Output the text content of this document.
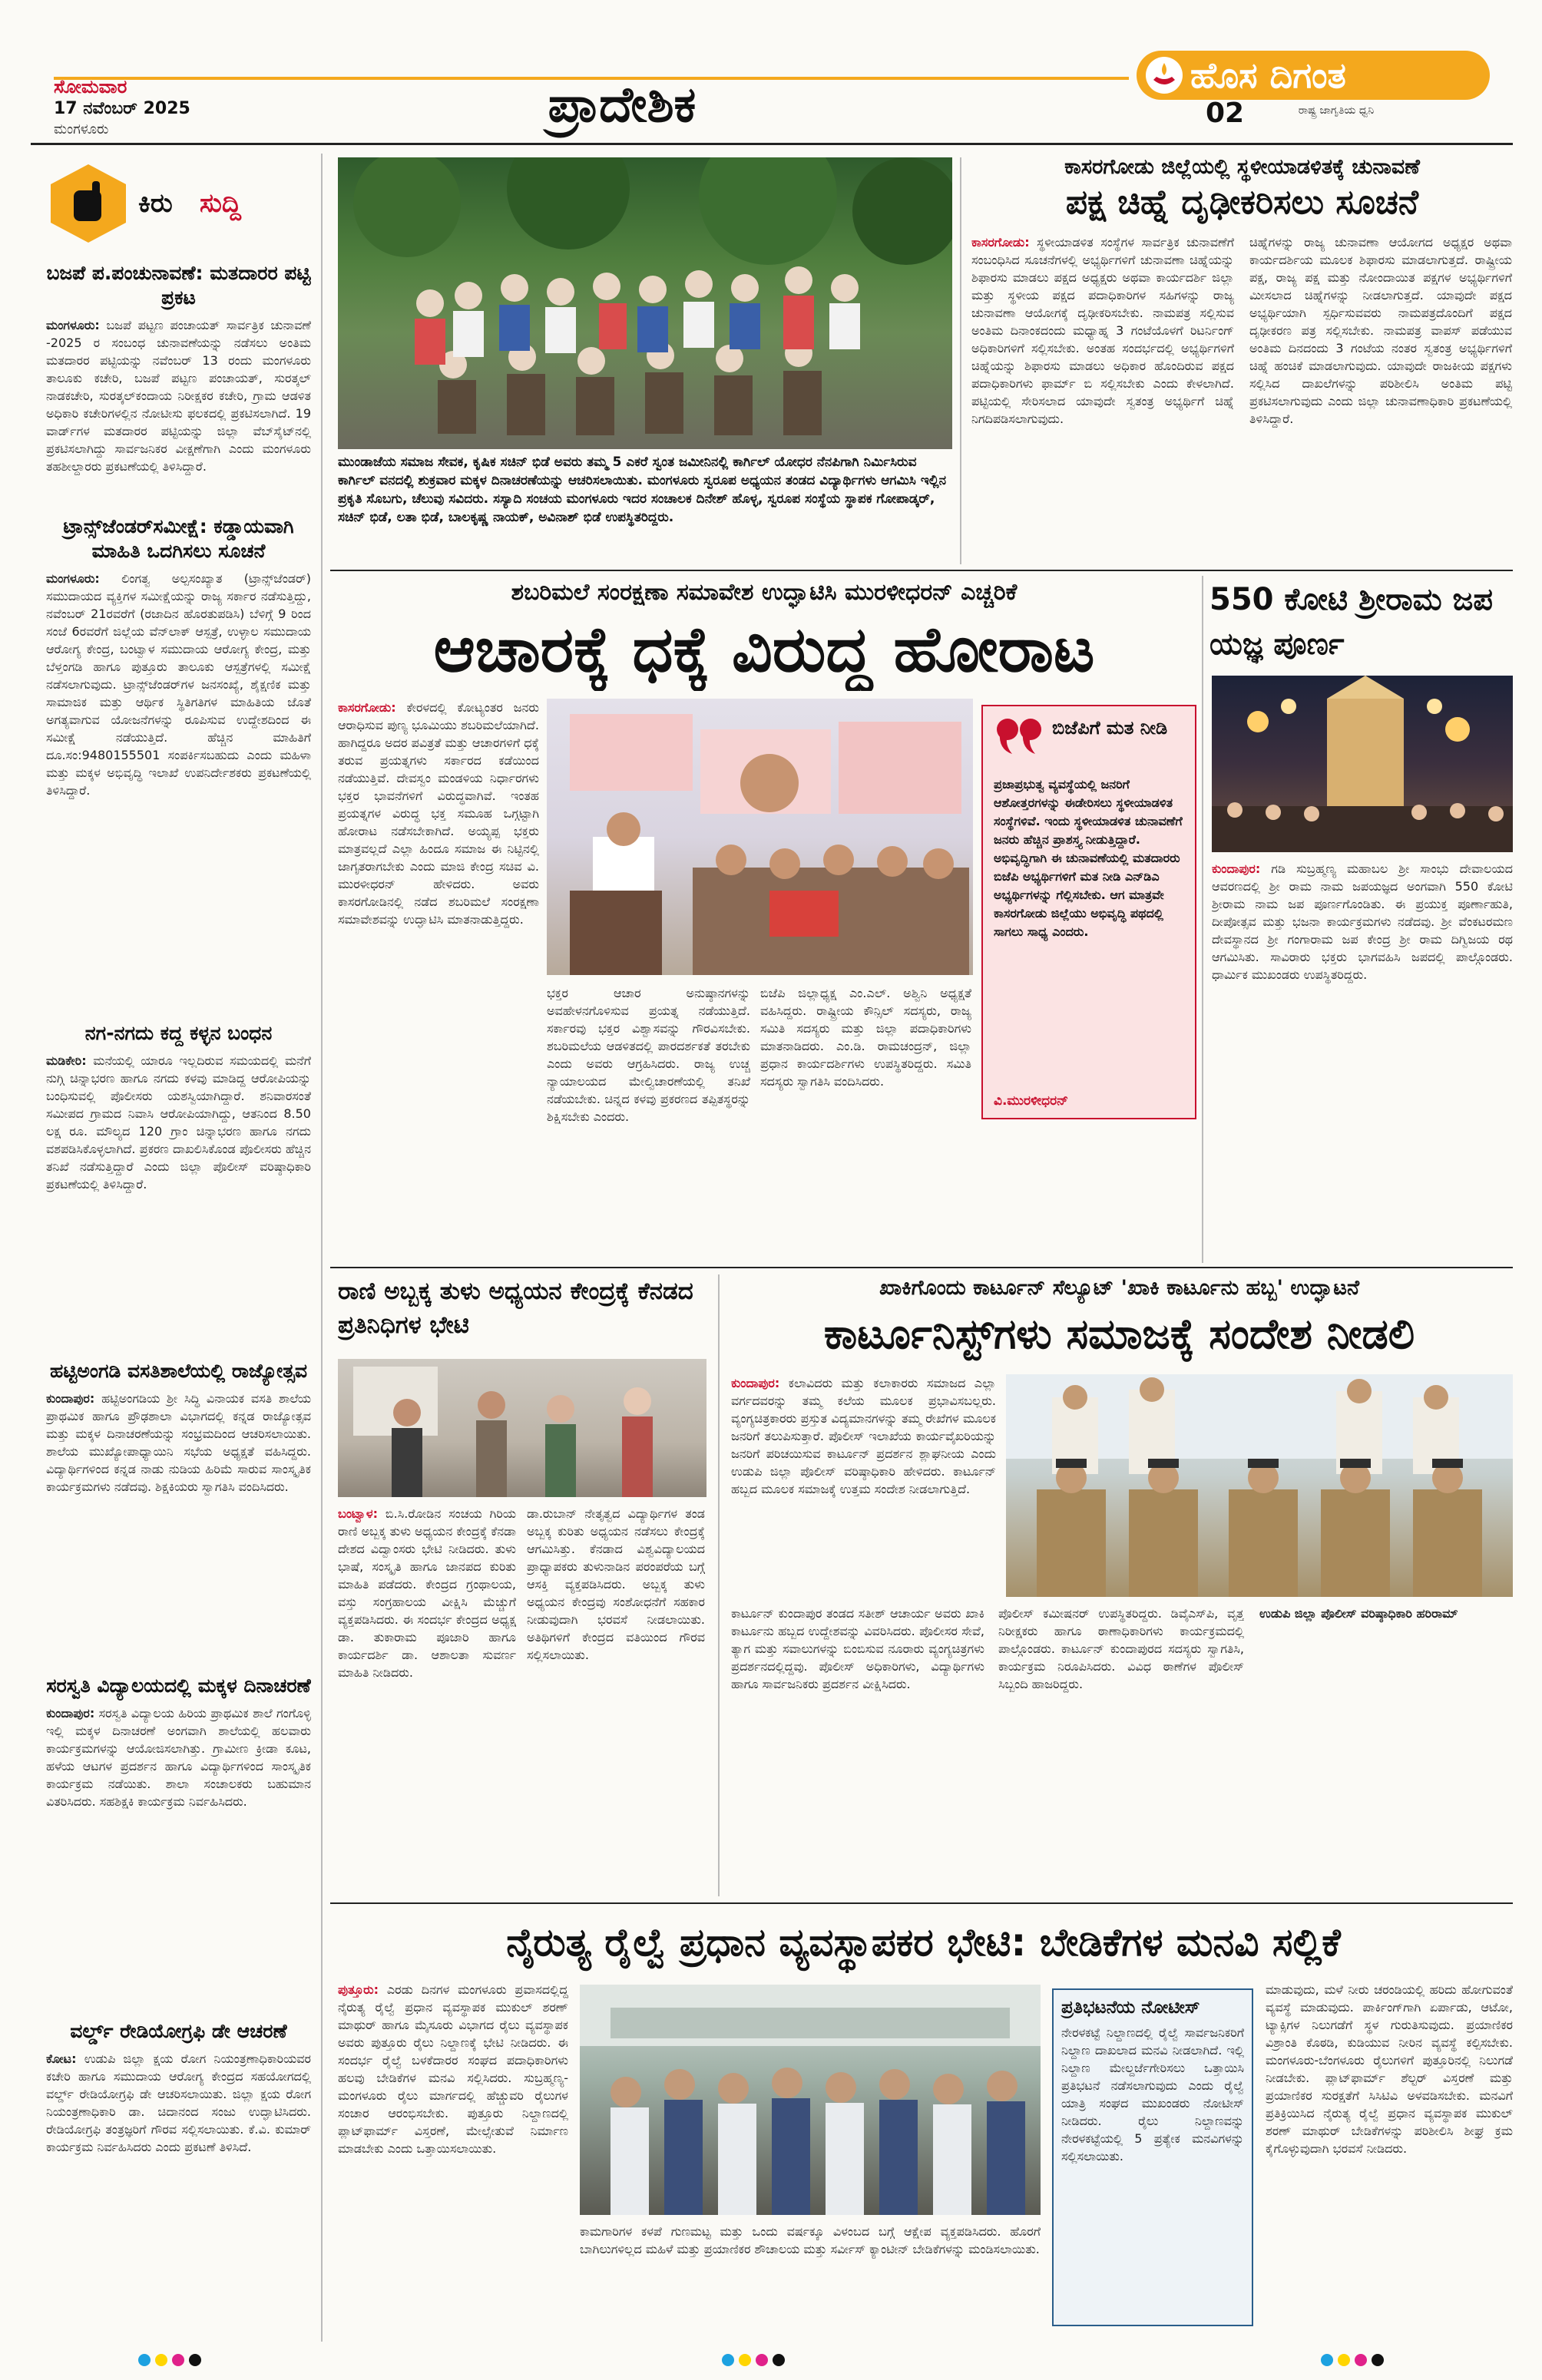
ಸೋಮವಾರ
17 ನವೆಂಬರ್ 2025
ಮಂಗಳೂರು	ಪ್ರಾದೇಶಿಕ
ಹೊಸ ದಿಗಂತ
ರಾಷ್ಟ್ರ ಜಾಗೃತಿಯ ಧ್ವನಿ
02
ಕಿರು	ಸುದ್ದಿ
ಬಜಪೆ ಪ.ಪಂಚುನಾವಣೆ: ಮತದಾರರ ಪಟ್ಟಿ ಪ್ರಕಟ
ಮಂಗಳೂರು: ಬಜಪೆ ಪಟ್ಟಣ ಪಂಚಾಯತ್ ಸಾರ್ವತ್ರಿಕ ಚುನಾವಣೆ -2025 ರ ಸಂಬಂಧ ಚುನಾವಣೆಯನ್ನು ನಡೆಸಲು ಅಂತಿಮ ಮತದಾರರ ಪಟ್ಟಿಯನ್ನು ನವೆಂಬರ್ 13 ರಂದು ಮಂಗಳೂರು ತಾಲೂಕು ಕಚೇರಿ, ಬಜಪೆ ಪಟ್ಟಣ ಪಂಚಾಯತ್, ಸುರತ್ಕಲ್ ನಾಡಕಚೇರಿ, ಸುರತ್ಕಲ್‌ಕಂದಾಯ ನಿರೀಕ್ಷಕರ ಕಚೇರಿ, ಗ್ರಾಮ ಆಡಳಿತ ಅಧಿಕಾರಿ ಕಚೇರಿಗಳಲ್ಲಿನ ನೋಟೀಸು ಫಲಕದಲ್ಲಿ ಪ್ರಕಟಿಸಲಾಗಿದೆ. 19 ವಾರ್ಡ್‌ಗಳ ಮತದಾರರ ಪಟ್ಟಿಯನ್ನು ಜಿಲ್ಲಾ ವೆಬ್‌ಸೈಟ್‌ನಲ್ಲಿ ಪ್ರಕಟಿಸಲಾಗಿದ್ದು ಸಾರ್ವಜನಿಕರ ವೀಕ್ಷಣೆಗಾಗಿ ಎಂದು ಮಂಗಳೂರು ತಹಶೀಲ್ದಾರರು ಪ್ರಕಟಣೆಯಲ್ಲಿ ತಿಳಿಸಿದ್ದಾರೆ.
ಟ್ರಾನ್ಸ್‌ಜೆಂಡರ್‌ಸಮೀಕ್ಷೆ: ಕಡ್ಡಾಯವಾಗಿ ಮಾಹಿತಿ ಒದಗಿಸಲು ಸೂಚನೆ
ಮಂಗಳೂರು: ಲಿಂಗತ್ವ ಅಲ್ಪಸಂಖ್ಯಾತ (ಟ್ರಾನ್ಸ್‌ಜೆಂಡರ್) ಸಮುದಾಯದ ವ್ಯಕ್ತಿಗಳ ಸಮೀಕ್ಷೆಯನ್ನು ರಾಜ್ಯ ಸರ್ಕಾರ ನಡೆಸುತ್ತಿದ್ದು, ನವೆಂಬರ್ 21ರವರೆಗೆ (ರಜಾದಿನ ಹೊರತುಪಡಿಸಿ) ಬೆಳಿಗ್ಗೆ 9 ರಿಂದ ಸಂಜೆ 6ರವರೆಗೆ ಜಿಲ್ಲೆಯ ವೆನ್‌ಲಾಕ್ ಆಸ್ಪತ್ರೆ, ಉಳ್ಳಾಲ ಸಮುದಾಯ ಆರೋಗ್ಯ ಕೇಂದ್ರ, ಬಂಟ್ವಾಳ ಸಮುದಾಯ ಆರೋಗ್ಯ ಕೇಂದ್ರ, ಮತ್ತು ಬೆಳ್ತಂಗಡಿ ಹಾಗೂ ಪುತ್ತೂರು ತಾಲೂಕು ಆಸ್ಪತ್ರೆಗಳಲ್ಲಿ ಸಮೀಕ್ಷೆ ನಡೆಸಲಾಗುವುದು. ಟ್ರಾನ್ಸ್‌ಜೆಂಡರ್‌ಗಳ ಜನಸಂಖ್ಯೆ, ಶೈಕ್ಷಣಿಕ ಮತ್ತು ಸಾಮಾಜಿಕ ಮತ್ತು ಆರ್ಥಿಕ ಸ್ಥಿತಿಗತಿಗಳ ಮಾಹಿತಿಯ ಜೊತೆ ಅಗತ್ಯವಾಗುವ ಯೋಜನೆಗಳನ್ನು ರೂಪಿಸುವ ಉದ್ದೇಶದಿಂದ ಈ ಸಮೀಕ್ಷೆ ನಡೆಯುತ್ತಿದೆ. ಹೆಚ್ಚಿನ ಮಾಹಿತಿಗೆ ದೂ.ಸಂ:9480155501 ಸಂಪರ್ಕಿಸಬಹುದು ಎಂದು ಮಹಿಳಾ ಮತ್ತು ಮಕ್ಕಳ ಅಭಿವೃದ್ಧಿ ಇಲಾಖೆ ಉಪನಿರ್ದೇಶಕರು ಪ್ರಕಟಣೆಯಲ್ಲಿ ತಿಳಿಸಿದ್ದಾರೆ.
ನಗ-ನಗದು ಕದ್ದ ಕಳ್ಳನ ಬಂಧನ
ಮಡಿಕೇರಿ: ಮನೆಯಲ್ಲಿ ಯಾರೂ ಇಲ್ಲದಿರುವ ಸಮಯದಲ್ಲಿ ಮನೆಗೆ ನುಗ್ಗಿ ಚಿನ್ನಾಭರಣ ಹಾಗೂ ನಗದು ಕಳವು ಮಾಡಿದ್ದ ಆರೋಪಿಯನ್ನು ಬಂಧಿಸುವಲ್ಲಿ ಪೊಲೀಸರು ಯಶಸ್ವಿಯಾಗಿದ್ದಾರೆ. ಶನಿವಾರಸಂತೆ ಸಮೀಪದ ಗ್ರಾಮದ ನಿವಾಸಿ ಆರೋಪಿಯಾಗಿದ್ದು, ಆತನಿಂದ 8.50 ಲಕ್ಷ ರೂ. ಮೌಲ್ಯದ 120 ಗ್ರಾಂ ಚಿನ್ನಾಭರಣ ಹಾಗೂ ನಗದು ವಶಪಡಿಸಿಕೊಳ್ಳಲಾಗಿದೆ. ಪ್ರಕರಣ ದಾಖಲಿಸಿಕೊಂಡ ಪೊಲೀಸರು ಹೆಚ್ಚಿನ ತನಿಖೆ ನಡೆಸುತ್ತಿದ್ದಾರೆ ಎಂದು ಜಿಲ್ಲಾ ಪೊಲೀಸ್ ವರಿಷ್ಠಾಧಿಕಾರಿ ಪ್ರಕಟಣೆಯಲ್ಲಿ ತಿಳಿಸಿದ್ದಾರೆ.
ಹಟ್ಟಿಅಂಗಡಿ ವಸತಿಶಾಲೆಯಲ್ಲಿ ರಾಜ್ಯೋತ್ಸವ
ಕುಂದಾಪುರ: ಹಟ್ಟಿಅಂಗಡಿಯ ಶ್ರೀ ಸಿದ್ಧಿ ವಿನಾಯಕ ವಸತಿ ಶಾಲೆಯ ಪ್ರಾಥಮಿಕ ಹಾಗೂ ಪ್ರೌಢಶಾಲಾ ವಿಭಾಗದಲ್ಲಿ ಕನ್ನಡ ರಾಜ್ಯೋತ್ಸವ ಮತ್ತು ಮಕ್ಕಳ ದಿನಾಚರಣೆಯನ್ನು ಸಂಭ್ರಮದಿಂದ ಆಚರಿಸಲಾಯಿತು. ಶಾಲೆಯ ಮುಖ್ಯೋಪಾಧ್ಯಾಯಿನಿ ಸಭೆಯ ಅಧ್ಯಕ್ಷತೆ ವಹಿಸಿದ್ದರು. ವಿದ್ಯಾರ್ಥಿಗಳಿಂದ ಕನ್ನಡ ನಾಡು ನುಡಿಯ ಹಿರಿಮೆ ಸಾರುವ ಸಾಂಸ್ಕೃತಿಕ ಕಾರ್ಯಕ್ರಮಗಳು ನಡೆದವು. ಶಿಕ್ಷಕಿಯರು ಸ್ವಾಗತಿಸಿ ವಂದಿಸಿದರು.
ಸರಸ್ವತಿ ವಿದ್ಯಾಲಯದಲ್ಲಿ ಮಕ್ಕಳ ದಿನಾಚರಣೆ
ಕುಂದಾಪುರ: ಸರಸ್ವತಿ ವಿದ್ಯಾಲಯ ಹಿರಿಯ ಪ್ರಾಥಮಿಕ ಶಾಲೆ ಗಂಗೊಳ್ಳಿ ಇಲ್ಲಿ ಮಕ್ಕಳ ದಿನಾಚರಣೆ ಅಂಗವಾಗಿ ಶಾಲೆಯಲ್ಲಿ ಹಲವಾರು ಕಾರ್ಯಕ್ರಮಗಳನ್ನು ಆಯೋಜಿಸಲಾಗಿತ್ತು. ಗ್ರಾಮೀಣ ಕ್ರೀಡಾ ಕೂಟ, ಹಳೆಯ ಆಟಗಳ ಪ್ರದರ್ಶನ ಹಾಗೂ ವಿದ್ಯಾರ್ಥಿಗಳಿಂದ ಸಾಂಸ್ಕೃತಿಕ ಕಾರ್ಯಕ್ರಮ ನಡೆಯಿತು. ಶಾಲಾ ಸಂಚಾಲಕರು ಬಹುಮಾನ ವಿತರಿಸಿದರು. ಸಹಶಿಕ್ಷಕಿ ಕಾರ್ಯಕ್ರಮ ನಿರ್ವಹಿಸಿದರು.
ವರ್ಲ್ಡ್ ರೇಡಿಯೋಗ್ರಫಿ ಡೇ ಆಚರಣೆ
ಕೋಟ: ಉಡುಪಿ ಜಿಲ್ಲಾ ಕ್ಷಯ ರೋಗ ನಿಯಂತ್ರಣಾಧಿಕಾರಿಯವರ ಕಚೇರಿ ಹಾಗೂ ಸಮುದಾಯ ಆರೋಗ್ಯ ಕೇಂದ್ರದ ಸಹಯೋಗದಲ್ಲಿ ವರ್ಲ್ಡ್ ರೇಡಿಯೋಗ್ರಫಿ ಡೇ ಆಚರಿಸಲಾಯಿತು. ಜಿಲ್ಲಾ ಕ್ಷಯ ರೋಗ ನಿಯಂತ್ರಣಾಧಿಕಾರಿ ಡಾ. ಚಿದಾನಂದ ಸಂಜು ಉದ್ಘಾಟಿಸಿದರು. ರೇಡಿಯೋಗ್ರಫಿ ತಂತ್ರಜ್ಞರಿಗೆ ಗೌರವ ಸಲ್ಲಿಸಲಾಯಿತು. ಕೆ.ವಿ. ಕುಮಾರ್ ಕಾರ್ಯಕ್ರಮ ನಿರ್ವಹಿಸಿದರು ಎಂದು ಪ್ರಕಟಣೆ ತಿಳಿಸಿದೆ.
ಮುಂಡಾಜೆಯ ಸಮಾಜ ಸೇವಕ, ಕೃಷಿಕ ಸಚಿನ್ ಭಿಡೆ ಅವರು ತಮ್ಮ 5 ಎಕರೆ ಸ್ವಂತ ಜಮೀನಿನಲ್ಲಿ ಕಾರ್ಗಿಲ್ ಯೋಧರ ನೆನಪಿಗಾಗಿ ನಿರ್ಮಿಸಿರುವ ಕಾರ್ಗಿಲ್ ವನದಲ್ಲಿ ಶುಕ್ರವಾರ ಮಕ್ಕಳ ದಿನಾಚರಣೆಯನ್ನು ಆಚರಿಸಲಾಯಿತು. ಮಂಗಳೂರು ಸ್ವರೂಪ ಅಧ್ಯಯನ ತಂಡದ ವಿದ್ಯಾರ್ಥಿಗಳು ಆಗಮಿಸಿ ಇಲ್ಲಿನ ಪ್ರಕೃತಿ ಸೊಬಗು, ಚೆಲುವು ಸವಿದರು. ಸಸ್ಯಾದಿ ಸಂಚಯ ಮಂಗಳೂರು ಇದರ ಸಂಚಾಲಕ ದಿನೇಶ್ ಹೊಳ್ಳ, ಸ್ವರೂಪ ಸಂಸ್ಥೆಯ ಸ್ಥಾಪಕ ಗೋಪಾಡ್ಕರ್, ಸಚಿನ್ ಭಿಡೆ, ಲತಾ ಭಿಡೆ, ಬಾಲಕೃಷ್ಣ ನಾಯಕ್, ಅವಿನಾಶ್ ಭಿಡೆ ಉಪಸ್ಥಿತರಿದ್ದರು.
ಕಾಸರಗೋಡು ಜಿಲ್ಲೆಯಲ್ಲಿ ಸ್ಥಳೀಯಾಡಳಿತಕ್ಕೆ ಚುನಾವಣೆ
ಪಕ್ಷ ಚಿಹ್ನೆ ದೃಢೀಕರಿಸಲು ಸೂಚನೆ
ಕಾಸರಗೋಡು: ಸ್ಥಳೀಯಾಡಳಿತ ಸಂಸ್ಥೆಗಳ ಸಾರ್ವತ್ರಿಕ ಚುನಾವಣೆಗೆ ಸಂಬಂಧಿಸಿದ ಸೂಚನೆಗಳಲ್ಲಿ ಅಭ್ಯರ್ಥಿಗಳಿಗೆ ಚುನಾವಣಾ ಚಿಹ್ನೆಯನ್ನು ಶಿಫಾರಸು ಮಾಡಲು ಪಕ್ಷದ ಅಧ್ಯಕ್ಷರು ಅಥವಾ ಕಾರ್ಯದರ್ಶಿ ಜಿಲ್ಲಾ ಮತ್ತು ಸ್ಥಳೀಯ ಪಕ್ಷದ ಪದಾಧಿಕಾರಿಗಳ ಸಹಿಗಳನ್ನು ರಾಜ್ಯ ಚುನಾವಣಾ ಆಯೋಗಕ್ಕೆ ದೃಢೀಕರಿಸಬೇಕು. ನಾಮಪತ್ರ ಸಲ್ಲಿಸುವ ಅಂತಿಮ ದಿನಾಂಕದಂದು ಮಧ್ಯಾಹ್ನ 3 ಗಂಟೆಯೊಳಗೆ ರಿಟರ್ನಿಂಗ್ ಅಧಿಕಾರಿಗಳಿಗೆ ಸಲ್ಲಿಸಬೇಕು. ಅಂತಹ ಸಂದರ್ಭದಲ್ಲಿ ಅಭ್ಯರ್ಥಿಗಳಿಗೆ ಚಿಹ್ನೆಯನ್ನು ಶಿಫಾರಸು ಮಾಡಲು ಅಧಿಕಾರ ಹೊಂದಿರುವ ಪಕ್ಷದ ಪದಾಧಿಕಾರಿಗಳು ಫಾರ್ಮ್ ಬಿ ಸಲ್ಲಿಸಬೇಕು ಎಂದು ಕೇಳಲಾಗಿದೆ. ಪಟ್ಟಿಯಲ್ಲಿ ಸೇರಿಸಲಾದ ಯಾವುದೇ ಸ್ವತಂತ್ರ ಅಭ್ಯರ್ಥಿಗೆ ಚಿಹ್ನೆ ನಿಗದಿಪಡಿಸಲಾಗುವುದು.
ಚಿಹ್ನೆಗಳನ್ನು ರಾಜ್ಯ ಚುನಾವಣಾ ಆಯೋಗದ ಅಧ್ಯಕ್ಷರ ಅಥವಾ ಕಾರ್ಯದರ್ಶಿಯ ಮೂಲಕ ಶಿಫಾರಸು ಮಾಡಲಾಗುತ್ತದೆ. ರಾಷ್ಟ್ರೀಯ ಪಕ್ಷ, ರಾಜ್ಯ ಪಕ್ಷ ಮತ್ತು ನೋಂದಾಯಿತ ಪಕ್ಷಗಳ ಅಭ್ಯರ್ಥಿಗಳಿಗೆ ಮೀಸಲಾದ ಚಿಹ್ನೆಗಳನ್ನು ನೀಡಲಾಗುತ್ತದೆ. ಯಾವುದೇ ಪಕ್ಷದ ಅಭ್ಯರ್ಥಿಯಾಗಿ ಸ್ಪರ್ಧಿಸುವವರು ನಾಮಪತ್ರದೊಂದಿಗೆ ಪಕ್ಷದ ದೃಢೀಕರಣ ಪತ್ರ ಸಲ್ಲಿಸಬೇಕು. ನಾಮಪತ್ರ ವಾಪಸ್ ಪಡೆಯುವ ಅಂತಿಮ ದಿನದಂದು 3 ಗಂಟೆಯ ನಂತರ ಸ್ವತಂತ್ರ ಅಭ್ಯರ್ಥಿಗಳಿಗೆ ಚಿಹ್ನೆ ಹಂಚಿಕೆ ಮಾಡಲಾಗುವುದು. ಯಾವುದೇ ರಾಜಕೀಯ ಪಕ್ಷಗಳು ಸಲ್ಲಿಸಿದ ದಾಖಲೆಗಳನ್ನು ಪರಿಶೀಲಿಸಿ ಅಂತಿಮ ಪಟ್ಟಿ ಪ್ರಕಟಿಸಲಾಗುವುದು ಎಂದು ಜಿಲ್ಲಾ ಚುನಾವಣಾಧಿಕಾರಿ ಪ್ರಕಟಣೆಯಲ್ಲಿ ತಿಳಿಸಿದ್ದಾರೆ.
ಶಬರಿಮಲೆ ಸಂರಕ್ಷಣಾ ಸಮಾವೇಶ ಉದ್ಘಾಟಿಸಿ ಮುರಳೀಧರನ್ ಎಚ್ಚರಿಕೆ
ಆಚಾರಕ್ಕೆ ಧಕ್ಕೆ ವಿರುದ್ಧ ಹೋರಾಟ
ಕಾಸರಗೋಡು: ಕೇರಳದಲ್ಲಿ ಕೋಟ್ಯಂತರ ಜನರು ಆರಾಧಿಸುವ ಪುಣ್ಯ ಭೂಮಿಯು ಶಬರಿಮಲೆಯಾಗಿದೆ. ಹಾಗಿದ್ದರೂ ಅದರ ಪವಿತ್ರತೆ ಮತ್ತು ಆಚಾರಗಳಿಗೆ ಧಕ್ಕೆ ತರುವ ಪ್ರಯತ್ನಗಳು ಸರ್ಕಾರದ ಕಡೆಯಿಂದ ನಡೆಯುತ್ತಿವೆ. ದೇವಸ್ವಂ ಮಂಡಳಿಯ ನಿರ್ಧಾರಗಳು ಭಕ್ತರ ಭಾವನೆಗಳಿಗೆ ವಿರುದ್ಧವಾಗಿವೆ. ಇಂತಹ ಪ್ರಯತ್ನಗಳ ವಿರುದ್ಧ ಭಕ್ತ ಸಮೂಹ ಒಗ್ಗಟ್ಟಾಗಿ ಹೋರಾಟ ನಡೆಸಬೇಕಾಗಿದೆ. ಅಯ್ಯಪ್ಪ ಭಕ್ತರು ಮಾತ್ರವಲ್ಲದೆ ಎಲ್ಲಾ ಹಿಂದೂ ಸಮಾಜ ಈ ನಿಟ್ಟಿನಲ್ಲಿ ಜಾಗೃತರಾಗಬೇಕು ಎಂದು ಮಾಜಿ ಕೇಂದ್ರ ಸಚಿವ ವಿ. ಮುರಳೀಧರನ್ ಹೇಳಿದರು. ಅವರು ಕಾಸರಗೋಡಿನಲ್ಲಿ ನಡೆದ ಶಬರಿಮಲೆ ಸಂರಕ್ಷಣಾ ಸಮಾವೇಶವನ್ನು ಉದ್ಘಾಟಿಸಿ ಮಾತನಾಡುತ್ತಿದ್ದರು.
ಬಿಜೆಪಿಗೆ ಮತ ನೀಡಿ
ಪ್ರಜಾಪ್ರಭುತ್ವ ವ್ಯವಸ್ಥೆಯಲ್ಲಿ ಜನರಿಗೆ ಆಶೋತ್ತರಗಳನ್ನು ಈಡೇರಿಸಲು ಸ್ಥಳೀಯಾಡಳಿತ ಸಂಸ್ಥೆಗಳಿವೆ. ಇಂದು ಸ್ಥಳೀಯಾಡಳಿತ ಚುನಾವಣೆಗೆ ಜನರು ಹೆಚ್ಚಿನ ಪ್ರಾಶಸ್ತ್ಯ ನೀಡುತ್ತಿದ್ದಾರೆ. ಅಭಿವೃದ್ಧಿಗಾಗಿ ಈ ಚುನಾವಣೆಯಲ್ಲಿ ಮತದಾರರು ಬಿಜೆಪಿ ಅಭ್ಯರ್ಥಿಗಳಿಗೆ ಮತ ನೀಡಿ ಎನ್‌ಡಿಎ ಅಭ್ಯರ್ಥಿಗಳನ್ನು ಗೆಲ್ಲಿಸಬೇಕು. ಆಗ ಮಾತ್ರವೇ ಕಾಸರಗೋಡು ಜಿಲ್ಲೆಯು ಅಭಿವೃದ್ಧಿ ಪಥದಲ್ಲಿ ಸಾಗಲು ಸಾಧ್ಯ ಎಂದರು.
ವಿ.ಮುರಳೀಧರನ್
ಭಕ್ತರ ಆಚಾರ ಅನುಷ್ಠಾನಗಳನ್ನು ಅವಹೇಳನಗೊಳಿಸುವ ಪ್ರಯತ್ನ ನಡೆಯುತ್ತಿದೆ. ಸರ್ಕಾರವು ಭಕ್ತರ ವಿಶ್ವಾಸವನ್ನು ಗೌರವಿಸಬೇಕು. ಶಬರಿಮಲೆಯ ಆಡಳಿತದಲ್ಲಿ ಪಾರದರ್ಶಕತೆ ತರಬೇಕು ಎಂದು ಅವರು ಆಗ್ರಹಿಸಿದರು. ರಾಜ್ಯ ಉಚ್ಚ ನ್ಯಾಯಾಲಯದ ಮೇಲ್ವಿಚಾರಣೆಯಲ್ಲಿ ತನಿಖೆ ನಡೆಯಬೇಕು. ಚಿನ್ನದ ಕಳವು ಪ್ರಕರಣದ ತಪ್ಪಿತಸ್ಥರನ್ನು ಶಿಕ್ಷಿಸಬೇಕು ಎಂದರು.
ಬಿಜೆಪಿ ಜಿಲ್ಲಾಧ್ಯಕ್ಷ ಎಂ.ಎಲ್. ಅಶ್ವಿನಿ ಅಧ್ಯಕ್ಷತೆ ವಹಿಸಿದ್ದರು. ರಾಷ್ಟ್ರೀಯ ಕೌನ್ಸಿಲ್ ಸದಸ್ಯರು, ರಾಜ್ಯ ಸಮಿತಿ ಸದಸ್ಯರು ಮತ್ತು ಜಿಲ್ಲಾ ಪದಾಧಿಕಾರಿಗಳು ಮಾತನಾಡಿದರು. ಎಂ.ಡಿ. ರಾಮಚಂದ್ರನ್, ಜಿಲ್ಲಾ ಪ್ರಧಾನ ಕಾರ್ಯದರ್ಶಿಗಳು ಉಪಸ್ಥಿತರಿದ್ದರು. ಸಮಿತಿ ಸದಸ್ಯರು ಸ್ವಾಗತಿಸಿ ವಂದಿಸಿದರು.
550 ಕೋಟಿ ಶ್ರೀರಾಮ ಜಪ ಯಜ್ಞ ಪೂರ್ಣ
ಕುಂದಾಪುರ: ಗಡಿ ಸುಬ್ರಹ್ಮಣ್ಯ ಮಹಾಬಲ ಶ್ರೀ ಸಾಂಭು ದೇವಾಲಯದ ಆವರಣದಲ್ಲಿ ಶ್ರೀ ರಾಮ ನಾಮ ಜಪಯಜ್ಞದ ಅಂಗವಾಗಿ 550 ಕೋಟಿ ಶ್ರೀರಾಮ ನಾಮ ಜಪ ಪೂರ್ಣಗೊಂಡಿತು. ಈ ಪ್ರಯುಕ್ತ ಪೂರ್ಣಾಹುತಿ, ದೀಪೋತ್ಸವ ಮತ್ತು ಭಜನಾ ಕಾರ್ಯಕ್ರಮಗಳು ನಡೆದವು. ಶ್ರೀ ವೆಂಕಟರಮಣ ದೇವಸ್ಥಾನದ ಶ್ರೀ ಗಂಗಾರಾಮ ಜಪ ಕೇಂದ್ರ ಶ್ರೀ ರಾಮ ದಿಗ್ವಿಜಯ ರಥ ಆಗಮಿಸಿತು. ಸಾವಿರಾರು ಭಕ್ತರು ಭಾಗವಹಿಸಿ ಜಪದಲ್ಲಿ ಪಾಲ್ಗೊಂಡರು. ಧಾರ್ಮಿಕ ಮುಖಂಡರು ಉಪಸ್ಥಿತರಿದ್ದರು.
ರಾಣಿ ಅಬ್ಬಕ್ಕ ತುಳು ಅಧ್ಯಯನ ಕೇಂದ್ರಕ್ಕೆ ಕೆನಡದ ಪ್ರತಿನಿಧಿಗಳ ಭೇಟಿ
ಬಂಟ್ವಾಳ: ಬಿ.ಸಿ.ರೋಡಿನ ಸಂಚಯ ಗಿರಿಯ ರಾಣಿ ಅಬ್ಬಕ್ಕ ತುಳು ಅಧ್ಯಯನ ಕೇಂದ್ರಕ್ಕೆ ಕೆನಡಾ ದೇಶದ ವಿದ್ವಾಂಸರು ಭೇಟಿ ನೀಡಿದರು. ತುಳು ಭಾಷೆ, ಸಂಸ್ಕೃತಿ ಹಾಗೂ ಜಾನಪದ ಕುರಿತು ಮಾಹಿತಿ ಪಡೆದರು. ಕೇಂದ್ರದ ಗ್ರಂಥಾಲಯ, ವಸ್ತು ಸಂಗ್ರಹಾಲಯ ವೀಕ್ಷಿಸಿ ಮೆಚ್ಚುಗೆ ವ್ಯಕ್ತಪಡಿಸಿದರು. ಈ ಸಂದರ್ಭ ಕೇಂದ್ರದ ಅಧ್ಯಕ್ಷ ಡಾ. ತುಕಾರಾಮ ಪೂಜಾರಿ ಹಾಗೂ ಕಾರ್ಯದರ್ಶಿ ಡಾ. ಆಶಾಲತಾ ಸುವರ್ಣ ಮಾಹಿತಿ ನೀಡಿದರು.
ಡಾ.ರುಬಾನ್ ನೇತೃತ್ವದ ವಿದ್ಯಾರ್ಥಿಗಳ ತಂಡ ಅಬ್ಬಕ್ಕ ಕುರಿತು ಅಧ್ಯಯನ ನಡೆಸಲು ಕೇಂದ್ರಕ್ಕೆ ಆಗಮಿಸಿತ್ತು. ಕೆನಡಾದ ವಿಶ್ವವಿದ್ಯಾಲಯದ ಪ್ರಾಧ್ಯಾಪಕರು ತುಳುನಾಡಿನ ಪರಂಪರೆಯ ಬಗ್ಗೆ ಆಸಕ್ತಿ ವ್ಯಕ್ತಪಡಿಸಿದರು. ಅಬ್ಬಕ್ಕ ತುಳು ಅಧ್ಯಯನ ಕೇಂದ್ರವು ಸಂಶೋಧನೆಗೆ ಸಹಕಾರ ನೀಡುವುದಾಗಿ ಭರವಸೆ ನೀಡಲಾಯಿತು. ಅತಿಥಿಗಳಿಗೆ ಕೇಂದ್ರದ ವತಿಯಿಂದ ಗೌರವ ಸಲ್ಲಿಸಲಾಯಿತು.
ಖಾಕಿಗೊಂದು ಕಾರ್ಟೂನ್ ಸೆಲ್ಯೂಟ್ 'ಖಾಕಿ ಕಾರ್ಟೂನು ಹಬ್ಬ' ಉದ್ಘಾಟನೆ
ಕಾರ್ಟೂನಿಸ್ಟ್‌ಗಳು ಸಮಾಜಕ್ಕೆ ಸಂದೇಶ ನೀಡಲಿ
ಕುಂದಾಪುರ: ಕಲಾವಿದರು ಮತ್ತು ಕಲಾಕಾರರು ಸಮಾಜದ ಎಲ್ಲಾ ವರ್ಗದವರನ್ನು ತಮ್ಮ ಕಲೆಯ ಮೂಲಕ ಪ್ರಭಾವಿಸಬಲ್ಲರು. ವ್ಯಂಗ್ಯಚಿತ್ರಕಾರರು ಪ್ರಸ್ತುತ ವಿದ್ಯಮಾನಗಳನ್ನು ತಮ್ಮ ರೇಖೆಗಳ ಮೂಲಕ ಜನರಿಗೆ ತಲುಪಿಸುತ್ತಾರೆ. ಪೊಲೀಸ್ ಇಲಾಖೆಯ ಕಾರ್ಯವೈಖರಿಯನ್ನು ಜನರಿಗೆ ಪರಿಚಯಿಸುವ ಕಾರ್ಟೂನ್ ಪ್ರದರ್ಶನ ಶ್ಲಾಘನೀಯ ಎಂದು ಉಡುಪಿ ಜಿಲ್ಲಾ ಪೊಲೀಸ್ ವರಿಷ್ಠಾಧಿಕಾರಿ ಹೇಳಿದರು. ಕಾರ್ಟೂನ್ ಹಬ್ಬದ ಮೂಲಕ ಸಮಾಜಕ್ಕೆ ಉತ್ತಮ ಸಂದೇಶ ನೀಡಲಾಗುತ್ತಿದೆ.
ಕಾರ್ಟೂನ್ ಕುಂದಾಪುರ ತಂಡದ ಸತೀಶ್ ಆಚಾರ್ಯ ಅವರು ಖಾಕಿ ಕಾರ್ಟೂನು ಹಬ್ಬದ ಉದ್ದೇಶವನ್ನು ವಿವರಿಸಿದರು. ಪೊಲೀಸರ ಸೇವೆ, ತ್ಯಾಗ ಮತ್ತು ಸವಾಲುಗಳನ್ನು ಬಿಂಬಿಸುವ ನೂರಾರು ವ್ಯಂಗ್ಯಚಿತ್ರಗಳು ಪ್ರದರ್ಶನದಲ್ಲಿದ್ದವು. ಪೊಲೀಸ್ ಅಧಿಕಾರಿಗಳು, ವಿದ್ಯಾರ್ಥಿಗಳು ಹಾಗೂ ಸಾರ್ವಜನಿಕರು ಪ್ರದರ್ಶನ ವೀಕ್ಷಿಸಿದರು.
ಪೊಲೀಸ್ ಕಮೀಷನರ್ ಉಪಸ್ಥಿತರಿದ್ದರು. ಡಿವೈಎಸ್‌ಪಿ, ವೃತ್ತ ನಿರೀಕ್ಷಕರು ಹಾಗೂ ಠಾಣಾಧಿಕಾರಿಗಳು ಕಾರ್ಯಕ್ರಮದಲ್ಲಿ ಪಾಲ್ಗೊಂಡರು. ಕಾರ್ಟೂನ್ ಕುಂದಾಪುರದ ಸದಸ್ಯರು ಸ್ವಾಗತಿಸಿ, ಕಾರ್ಯಕ್ರಮ ನಿರೂಪಿಸಿದರು. ವಿವಿಧ ಠಾಣೆಗಳ ಪೊಲೀಸ್ ಸಿಬ್ಬಂದಿ ಹಾಜರಿದ್ದರು.
ಉಡುಪಿ ಜಿಲ್ಲಾ ಪೊಲೀಸ್ ವರಿಷ್ಠಾಧಿಕಾರಿ ಹರಿರಾಮ್
ನೈರುತ್ಯ ರೈಲ್ವೆ ಪ್ರಧಾನ ವ್ಯವಸ್ಥಾಪಕರ ಭೇಟಿ: ಬೇಡಿಕೆಗಳ ಮನವಿ ಸಲ್ಲಿಕೆ
ಪುತ್ತೂರು: ಎರಡು ದಿನಗಳ ಮಂಗಳೂರು ಪ್ರವಾಸದಲ್ಲಿದ್ದ ನೈರುತ್ಯ ರೈಲ್ವೆ ಪ್ರಧಾನ ವ್ಯವಸ್ಥಾಪಕ ಮುಕುಲ್ ಶರಣ್ ಮಾಥುರ್ ಹಾಗೂ ಮೈಸೂರು ವಿಭಾಗದ ರೈಲು ವ್ಯವಸ್ಥಾಪಕ ಅವರು ಪುತ್ತೂರು ರೈಲು ನಿಲ್ದಾಣಕ್ಕೆ ಭೇಟಿ ನೀಡಿದರು. ಈ ಸಂದರ್ಭ ರೈಲ್ವೆ ಬಳಕೆದಾರರ ಸಂಘದ ಪದಾಧಿಕಾರಿಗಳು ಹಲವು ಬೇಡಿಕೆಗಳ ಮನವಿ ಸಲ್ಲಿಸಿದರು. ಸುಬ್ರಹ್ಮಣ್ಯ-ಮಂಗಳೂರು ರೈಲು ಮಾರ್ಗದಲ್ಲಿ ಹೆಚ್ಚುವರಿ ರೈಲುಗಳ ಸಂಚಾರ ಆರಂಭಿಸಬೇಕು. ಪುತ್ತೂರು ನಿಲ್ದಾಣದಲ್ಲಿ ಪ್ಲಾಟ್‌ಫಾರ್ಮ್ ವಿಸ್ತರಣೆ, ಮೇಲ್ಸೇತುವೆ ನಿರ್ಮಾಣ ಮಾಡಬೇಕು ಎಂದು ಒತ್ತಾಯಿಸಲಾಯಿತು.
ಕಾಮಗಾರಿಗಳ ಕಳಪೆ ಗುಣಮಟ್ಟ ಮತ್ತು ಒಂದು ವರ್ಷಕ್ಕೂ ವಿಳಂಬದ ಬಗ್ಗೆ ಆಕ್ಷೇಪ ವ್ಯಕ್ತಪಡಿಸಿದರು. ಹೊರಗೆ ಬಾಗಿಲುಗಳಿಲ್ಲದ ಮಹಿಳೆ ಮತ್ತು ಪ್ರಯಾಣಿಕರ ಶೌಚಾಲಯ ಮತ್ತು ಸರ್ವೀಸ್ ಕ್ಯಾಂಟೀನ್ ಬೇಡಿಕೆಗಳನ್ನು ಮಂಡಿಸಲಾಯಿತು.
ಪ್ರತಿಭಟನೆಯ ನೋಟೀಸ್
ನೇರಳಕಟ್ಟೆ ನಿಲ್ದಾಣದಲ್ಲಿ ರೈಲ್ವೆ ಸಾರ್ವಜನಿಕರಿಗೆ ನಿಲ್ದಾಣ ದಾಖಲಾದ ಮನವಿ ನೀಡಲಾಗಿದೆ. ಇಲ್ಲಿ ನಿಲ್ದಾಣ ಮೇಲ್ದರ್ಜೆಗೇರಿಸಲು ಒತ್ತಾಯಿಸಿ ಪ್ರತಿಭಟನೆ ನಡೆಸಲಾಗುವುದು ಎಂದು ರೈಲ್ವೆ ಯಾತ್ರಿ ಸಂಘದ ಮುಖಂಡರು ನೋಟೀಸ್ ನೀಡಿದರು. ರೈಲು ನಿಲ್ದಾಣವನ್ನು ನೇರಳಕಟ್ಟೆಯಲ್ಲಿ 5 ಪ್ರತ್ಯೇಕ ಮನವಿಗಳನ್ನು ಸಲ್ಲಿಸಲಾಯಿತು.
ಮಾಡುವುದು, ಮಳೆ ನೀರು ಚರಂಡಿಯಲ್ಲಿ ಹರಿದು ಹೋಗುವಂತೆ ವ್ಯವಸ್ಥೆ ಮಾಡುವುದು. ಪಾರ್ಕಿಂಗ್‌ಗಾಗಿ ಏರ್ಪಾಡು, ಆಟೋ, ಟ್ಯಾಕ್ಸಿಗಳ ನಿಲುಗಡೆಗೆ ಸ್ಥಳ ಗುರುತಿಸುವುದು. ಪ್ರಯಾಣಿಕರ ವಿಶ್ರಾಂತಿ ಕೊಠಡಿ, ಕುಡಿಯುವ ನೀರಿನ ವ್ಯವಸ್ಥೆ ಕಲ್ಪಿಸಬೇಕು. ಮಂಗಳೂರು-ಬೆಂಗಳೂರು ರೈಲುಗಳಿಗೆ ಪುತ್ತೂರಿನಲ್ಲಿ ನಿಲುಗಡೆ ನೀಡಬೇಕು. ಪ್ಲಾಟ್‌ಫಾರ್ಮ್ ಶೆಲ್ಟರ್ ವಿಸ್ತರಣೆ ಮತ್ತು ಪ್ರಯಾಣಿಕರ ಸುರಕ್ಷತೆಗೆ ಸಿಸಿಟಿವಿ ಅಳವಡಿಸಬೇಕು. ಮನವಿಗೆ ಪ್ರತಿಕ್ರಿಯಿಸಿದ ನೈರುತ್ಯ ರೈಲ್ವೆ ಪ್ರಧಾನ ವ್ಯವಸ್ಥಾಪಕ ಮುಕುಲ್ ಶರಣ್ ಮಾಥುರ್ ಬೇಡಿಕೆಗಳನ್ನು ಪರಿಶೀಲಿಸಿ ಶೀಘ್ರ ಕ್ರಮ ಕೈಗೊಳ್ಳುವುದಾಗಿ ಭರವಸೆ ನೀಡಿದರು.
